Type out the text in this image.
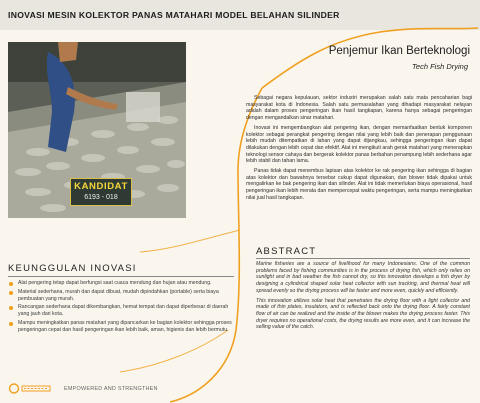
INOVASI MESIN KOLEKTOR PANAS MATAHARI MODEL BELAHAN SILINDER
KANDIDAT
6193 - 018
Penjemur Ikan Berteknologi
Tech Fish Drying

Sebagai negara kepulauan, sektor industri merupakan salah satu mata pencaharian bagi masyarakat kota di Indonesia. Salah satu permasalahan yang dihadapi masyarakat nelayan adalah dalam proses pengeringan ikan hasil tangkapan, karena hanya sebagai pengeringan dengan mengandalkan sinar matahari.

Inovasi ini mengembangkan alat pengering ikan, dengan memanfaatkan bentuk komponen kolektor sebagai perangkat pengering dengan nilai yang lebih baik dan penerapan penggunaan lebih mudah ditempatkan di lahan yang dapat dijangkau, sehingga pengeringan ikan dapat dilakukan dengan lebih cepat dan efektif. Alat ini mengikuti arah gerak matahari yang menerapkan teknologi sensor cahaya dan bergerak kolektor panas berbahan penampung lebih sederhana agar lebih stabil dan tahan lama.

Panas tidak dapat menembus lapisan atas kolektor ke rak pengering ikan sehingga di bagian atas kolektor dan bawahnya tersebar cukup dapat digunakan, dan blower tidak dipakai untuk mengalirkan ke bak pengering ikan dan silinder. Alat ini tidak memerlukan biaya operasional, hasil pengeringan ikan lebih merata dan mempercepat waktu pengeringan, serta mampu meningkatkan nilai jual hasil tangkapan.

KEUNGGULAN INOVASI
Alat pengering tetap dapat berfungsi saat cuaca mendung dan hujan atau mendung.
Material sederhana, murah dan dapat dibuat, mudah dipindahkan (portable) serta biaya pembuatan yang murah.
Rancangan sederhana dapat dikembangkan, hemat tempat dan dapat diperbesar di daerah yang jauh dari kota.
Mampu meningkatkan panas matahari yang dipancarkan ke bagian kolektor sehingga proses pengeringan cepat dan hasil pengeringan ikan lebih baik, aman, higienis dan lebih bermutu.
ABSTRACT

Marine fisheries are a source of livelihood for many Indonesians. One of the common problems faced by fishing communities is in the process of drying fish, which only relies on sunlight and in bad weather the fish cannot dry, so this innovation develops a fish dryer by designing a cylindrical shaped solar heat collector with sun tracking, and thermal heat will spread evenly so the drying process will be faster and more even, quickly and efficiently.

This innovation utilizes solar heat that penetrates the drying floor with a light collector and made of thin plates, insulators, and is reflected back onto the drying floor. A fairly constant flow of air can be realized and the inside of the blower makes the drying process faster. This dryer requires no operational costs, the drying results are more even, and it can increase the selling value of the catch.

EMPOWERED AND STRENGTHEN
